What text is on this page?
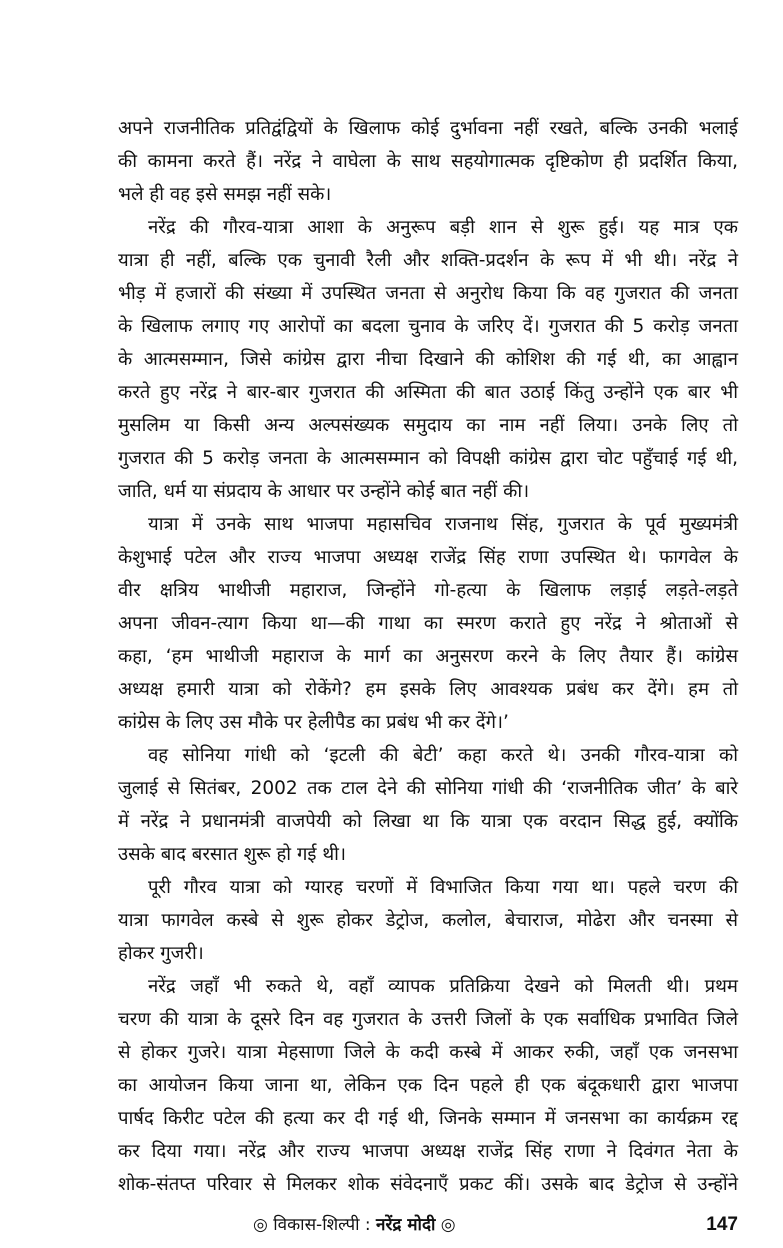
अपने राजनीतिक प्रतिद्वंद्वियों के खिलाफ कोई दुर्भावना नहीं रखते, बल्कि उनकी भलाई
की कामना करते हैं। नरेंद्र ने वाघेला के साथ सहयोगात्मक दृष्टिकोण ही प्रदर्शित किया,
भले ही वह इसे समझ नहीं सके।
नरेंद्र की गौरव-यात्रा आशा के अनुरूप बड़ी शान से शुरू हुई। यह मात्र एक
यात्रा ही नहीं, बल्कि एक चुनावी रैली और शक्ति-प्रदर्शन के रूप में भी थी। नरेंद्र ने
भीड़ में हजारों की संख्या में उपस्थित जनता से अनुरोध किया कि वह गुजरात की जनता
के खिलाफ लगाए गए आरोपों का बदला चुनाव के जरिए दें। गुजरात की 5 करोड़ जनता
के आत्मसम्मान, जिसे कांग्रेस द्वारा नीचा दिखाने की कोशिश की गई थी, का आह्वान
करते हुए नरेंद्र ने बार-बार गुजरात की अस्मिता की बात उठाई किंतु उन्होंने एक बार भी
मुसलिम या किसी अन्य अल्पसंख्यक समुदाय का नाम नहीं लिया। उनके लिए तो
गुजरात की 5 करोड़ जनता के आत्मसम्मान को विपक्षी कांग्रेस द्वारा चोट पहुँचाई गई थी,
जाति, धर्म या संप्रदाय के आधार पर उन्होंने कोई बात नहीं की।
यात्रा में उनके साथ भाजपा महासचिव राजनाथ सिंह, गुजरात के पूर्व मुख्यमंत्री
केशुभाई पटेल और राज्य भाजपा अध्यक्ष राजेंद्र सिंह राणा उपस्थित थे। फागवेल के
वीर क्षत्रिय भाथीजी महाराज, जिन्होंने गो-हत्या के खिलाफ लड़ाई लड़ते-लड़ते
अपना जीवन-त्याग किया था—की गाथा का स्मरण कराते हुए नरेंद्र ने श्रोताओं से
कहा, ‘हम भाथीजी महाराज के मार्ग का अनुसरण करने के लिए तैयार हैं। कांग्रेस
अध्यक्ष हमारी यात्रा को रोकेंगे? हम इसके लिए आवश्यक प्रबंध कर देंगे। हम तो
कांग्रेस के लिए उस मौके पर हेलीपैड का प्रबंध भी कर देंगे।’
वह सोनिया गांधी को ‘इटली की बेटी’ कहा करते थे। उनकी गौरव-यात्रा को
जुलाई से सितंबर, 2002 तक टाल देने की सोनिया गांधी की ‘राजनीतिक जीत’ के बारे
में नरेंद्र ने प्रधानमंत्री वाजपेयी को लिखा था कि यात्रा एक वरदान सिद्ध हुई, क्योंकि
उसके बाद बरसात शुरू हो गई थी।
पूरी गौरव यात्रा को ग्यारह चरणों में विभाजित किया गया था। पहले चरण की
यात्रा फागवेल कस्बे से शुरू होकर डेट्रोज, कलोल, बेचाराज, मोढेरा और चनस्मा से
होकर गुजरी।
नरेंद्र जहाँ भी रुकते थे, वहाँ व्यापक प्रतिक्रिया देखने को मिलती थी। प्रथम
चरण की यात्रा के दूसरे दिन वह गुजरात के उत्तरी जिलों के एक सर्वाधिक प्रभावित जिले
से होकर गुजरे। यात्रा मेहसाणा जिले के कदी कस्बे में आकर रुकी, जहाँ एक जनसभा
का आयोजन किया जाना था, लेकिन एक दिन पहले ही एक बंदूकधारी द्वारा भाजपा
पार्षद किरीट पटेल की हत्या कर दी गई थी, जिनके सम्मान में जनसभा का कार्यक्रम रद्द
कर दिया गया। नरेंद्र और राज्य भाजपा अध्यक्ष राजेंद्र सिंह राणा ने दिवंगत नेता के
शोक-संतप्त परिवार से मिलकर शोक संवेदनाएँ प्रकट कीं। उसके बाद डेट्रोज से उन्होंने
◎ विकास-शिल्पी : नरेंद्र मोदी ◎	147
